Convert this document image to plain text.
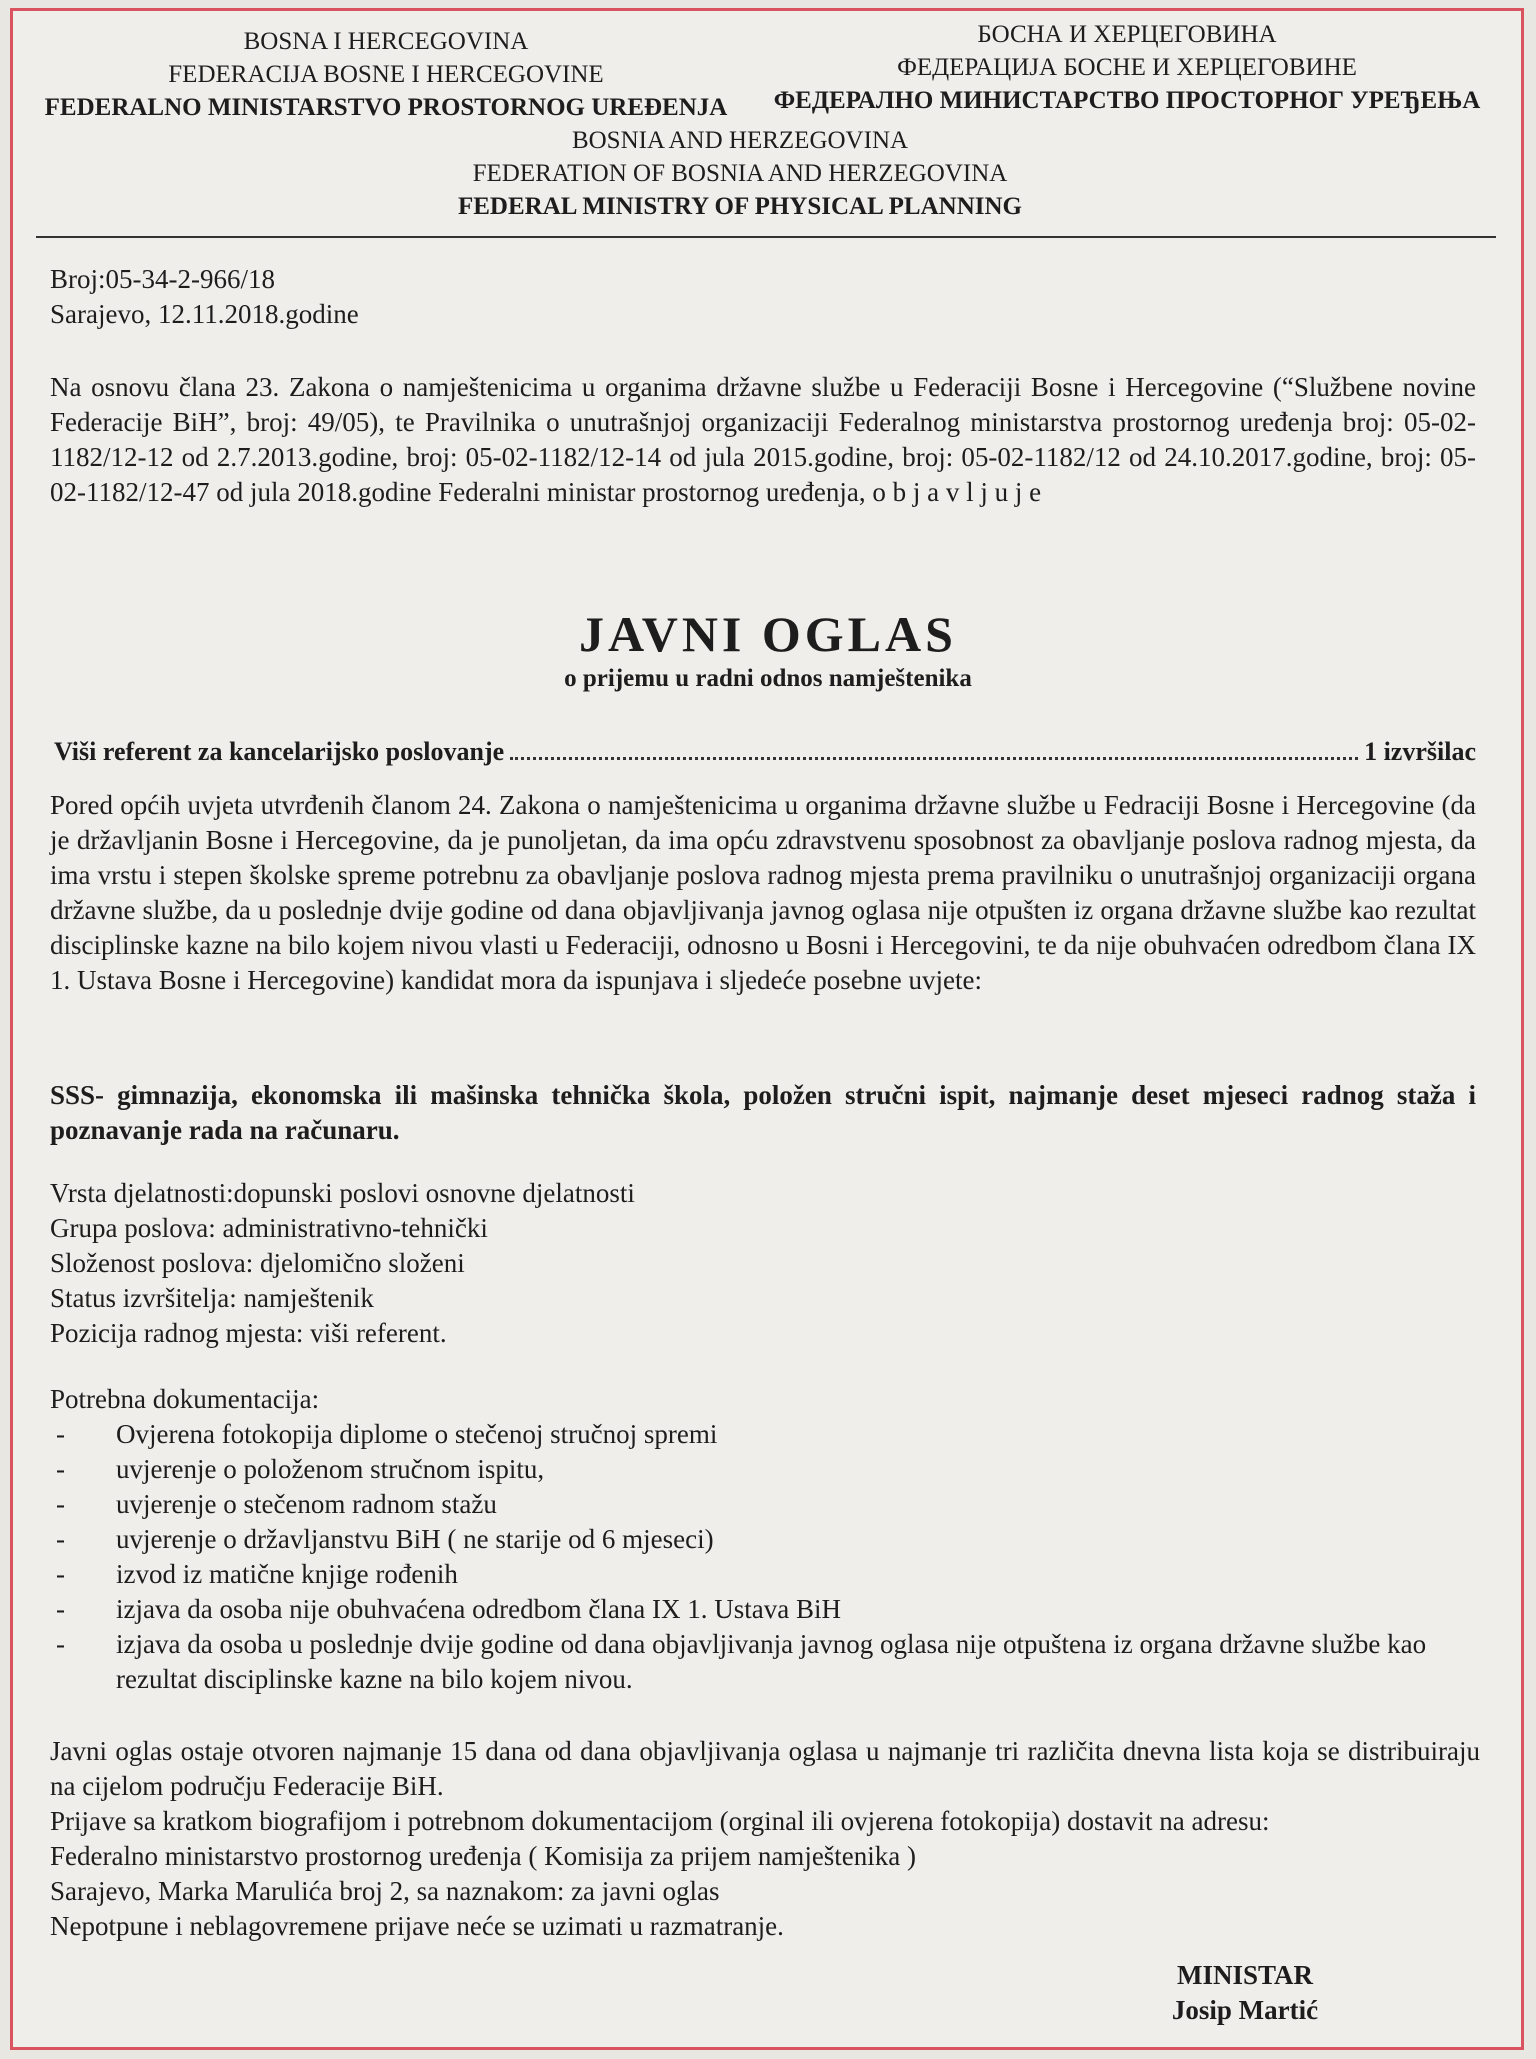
BOSNA I HERCEGOVINA
FEDERACIJA BOSNE I HERCEGOVINE
FEDERALNO MINISTARSTVO PROSTORNOG UREĐENJA
БОСНА И ХЕРЦЕГОВИНА
ФЕДЕРАЦИЈА БОСНЕ И ХЕРЦЕГОВИНЕ
ФЕДЕРАЛНО МИНИСТАРСТВО ПРОСТОРНОГ УРЕЂЕЊА
BOSNIA AND HERZEGOVINA
FEDERATION OF BOSNIA AND HERZEGOVINA
FEDERAL MINISTRY OF PHYSICAL PLANNING
Broj:05-34-2-966/18
Sarajevo, 12.11.2018.godine
Na osnovu člana 23. Zakona o namještenicima u organima državne službe u Federaciji Bosne i Hercegovine (“Službene novine Federacije BiH”, broj: 49/05), te Pravilnika o unutrašnjoj organizaciji Federalnog ministarstva prostornog uređenja broj: 05-02-1182/12-12 od 2.7.2013.godine, broj: 05-02-1182/12-14 od jula 2015.godine, broj: 05-02-1182/12 od 24.10.2017.godine, broj: 05-02-1182/12-47 od jula 2018.godine Federalni ministar prostornog uređenja, o b j a v l j u j e
JAVNI OGLAS
o prijemu u radni odnos namještenika
Viši referent za kancelarijsko poslovanje	1 izvršilac
Pored općih uvjeta utvrđenih članom 24. Zakona o namještenicima u organima državne službe u Fedraciji Bosne i Hercegovine (da je državljanin Bosne i Hercegovine, da je punoljetan, da ima opću zdravstvenu sposobnost za obavljanje poslova radnog mjesta, da ima vrstu i stepen školske spreme potrebnu za obavljanje poslova radnog mjesta prema pravilniku o unutrašnjoj organizaciji organa državne službe, da u poslednje dvije godine od dana objavljivanja javnog oglasa nije otpušten iz organa državne službe kao rezultat disciplinske kazne na bilo kojem nivou vlasti u Federaciji, odnosno u Bosni i Hercegovini, te da nije obuhvaćen odredbom člana IX 1. Ustava Bosne i Hercegovine) kandidat mora da ispunjava i sljedeće posebne uvjete:
SSS- gimnazija, ekonomska ili mašinska tehnička škola, položen stručni ispit, najmanje deset mjeseci radnog staža i poznavanje rada na računaru.
Vrsta djelatnosti:dopunski poslovi osnovne djelatnosti
Grupa poslova: administrativno-tehnički
Složenost poslova: djelomično složeni
Status izvršitelja: namještenik
Pozicija radnog mjesta: viši referent.
Potrebna dokumentacija:
- Ovjerena fotokopija diplome o stečenoj stručnoj spremi
- uvjerenje o položenom stručnom ispitu,
- uvjerenje o stečenom radnom stažu
- uvjerenje o državljanstvu BiH ( ne starije od 6 mjeseci)
- izvod iz matične knjige rođenih
- izjava da osoba nije obuhvaćena odredbom člana IX 1. Ustava BiH
- izjava da osoba u poslednje dvije godine od dana objavljivanja javnog oglasa nije otpuštena iz organa državne službe kao rezultat disciplinske kazne na bilo kojem nivou.
Javni oglas ostaje otvoren najmanje 15 dana od dana objavljivanja oglasa u najmanje tri različita dnevna lista koja se distribuiraju na cijelom području Federacije BiH.
Prijave sa kratkom biografijom i potrebnom dokumentacijom (orginal ili ovjerena fotokopija) dostavit na adresu:
Federalno ministarstvo prostornog uređenja ( Komisija za prijem namještenika )
Sarajevo, Marka Marulića broj 2, sa naznakom: za javni oglas
Nepotpune i neblagovremene prijave neće se uzimati u razmatranje.
MINISTAR
Josip Martić
